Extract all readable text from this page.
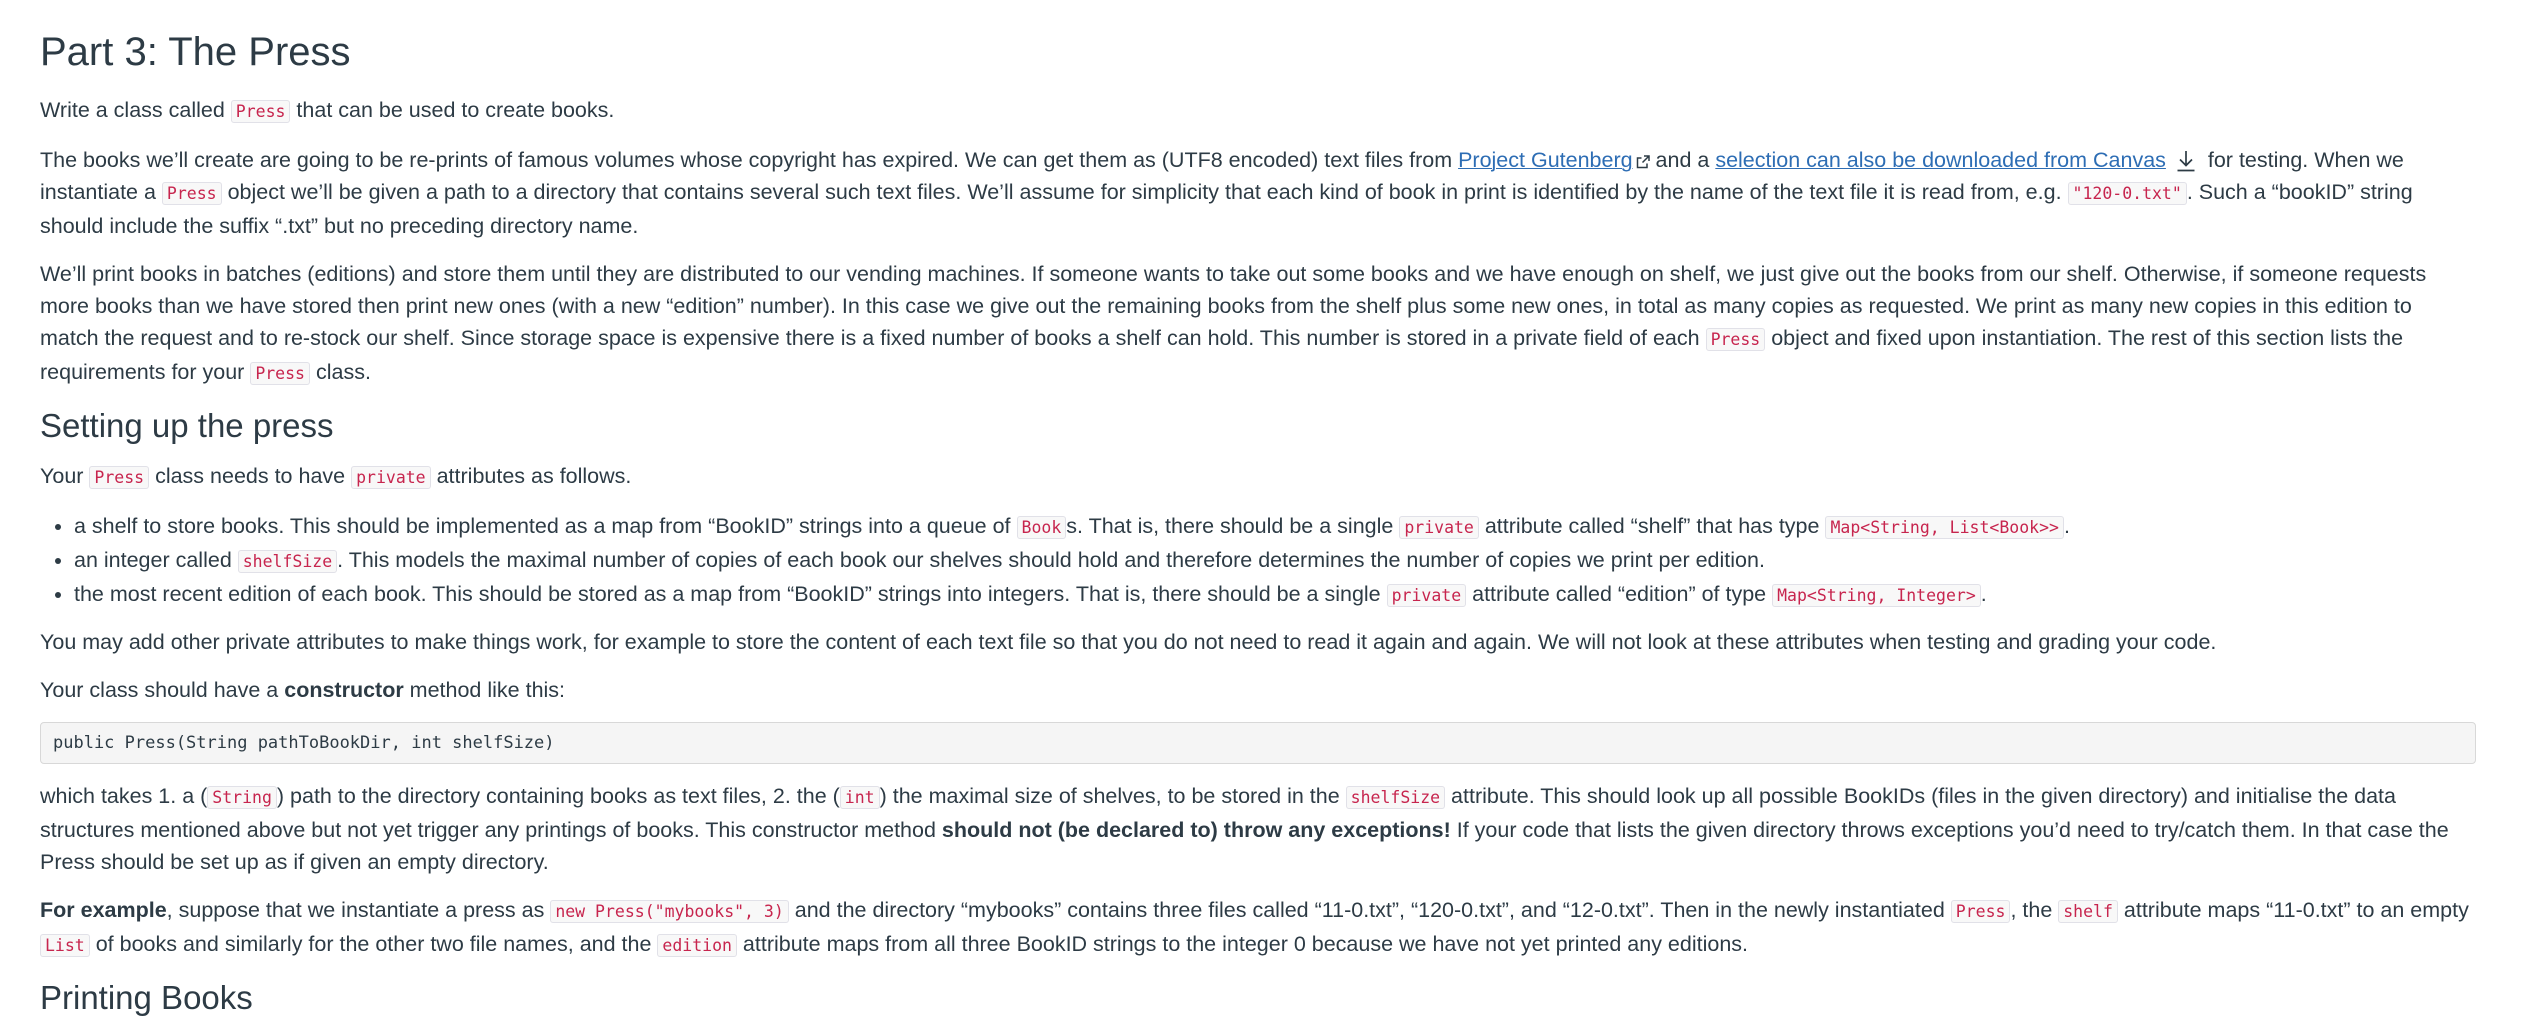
Part 3: The Press

Write a class called Press that can be used to create books.

The books we’ll create are going to be re-prints of famous volumes whose copyright has expired. We can get them as (UTF8 encoded) text files from Project Gutenberg and a selection can also be downloaded from Canvas for testing. When we instantiate a Press object we’ll be given a path to a directory that contains several such text files. We’ll assume for simplicity that each kind of book in print is identified by the name of the text file it is read from, e.g. "120-0.txt" . Such a “bookID” string should include the suffix “.txt” but no preceding directory name.

We’ll print books in batches (editions) and store them until they are distributed to our vending machines. If someone wants to take out some books and we have enough on shelf, we just give out the books from our shelf. Otherwise, if someone requests more books than we have stored then print new ones (with a new “edition” number). In this case we give out the remaining books from the shelf plus some new ones, in total as many copies as requested. We print as many new copies in this edition to match the request and to re-stock our shelf. Since storage space is expensive there is a fixed number of books a shelf can hold. This number is stored in a private field of each Press object and fixed upon instantiation. The rest of this section lists the requirements for your Press class.

Setting up the press

Your Press class needs to have private attributes as follows.

• a shelf to store books. This should be implemented as a map from “BookID” strings into a queue of Book s. That is, there should be a single private attribute called “shelf” that has type Map<String, List<Book>> .
• an integer called shelfSize . This models the maximal number of copies of each book our shelves should hold and therefore determines the number of copies we print per edition.
• the most recent edition of each book. This should be stored as a map from “BookID” strings into integers. That is, there should be a single private attribute called “edition” of type Map<String, Integer> .

You may add other private attributes to make things work, for example to store the content of each text file so that you do not need to read it again and again. We will not look at these attributes when testing and grading your code.

Your class should have a constructor method like this:

public Press(String pathToBookDir, int shelfSize)

which takes 1. a ( String ) path to the directory containing books as text files, 2. the ( int ) the maximal size of shelves, to be stored in the shelfSize attribute. This should look up all possible BookIDs (files in the given directory) and initialise the data structures mentioned above but not yet trigger any printings of books. This constructor method should not (be declared to) throw any exceptions! If your code that lists the given directory throws exceptions you’d need to try/catch them. In that case the Press should be set up as if given an empty directory.

For example, suppose that we instantiate a press as new Press("mybooks", 3) and the directory “mybooks” contains three files called “11-0.txt”, “120-0.txt”, and “12-0.txt”. Then in the newly instantiated Press , the shelf attribute maps “11-0.txt” to an empty List of books and similarly for the other two file names, and the edition attribute maps from all three BookID strings to the integer 0 because we have not yet printed any editions.

Printing Books
